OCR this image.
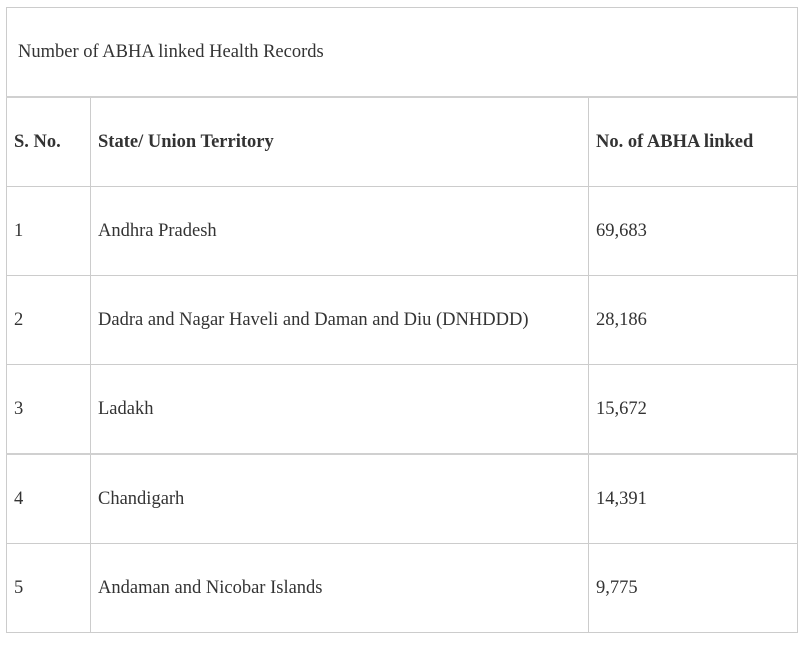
Number of ABHA linked Health Records		
S. No.	State/ Union Territory	No. of ABHA linked
1	Andhra Pradesh	69,683
2	Dadra and Nagar Haveli and Daman and Diu (DNHDDD)	28,186
3	Ladakh	15,672
4	Chandigarh	14,391
5	Andaman and Nicobar Islands	9,775
